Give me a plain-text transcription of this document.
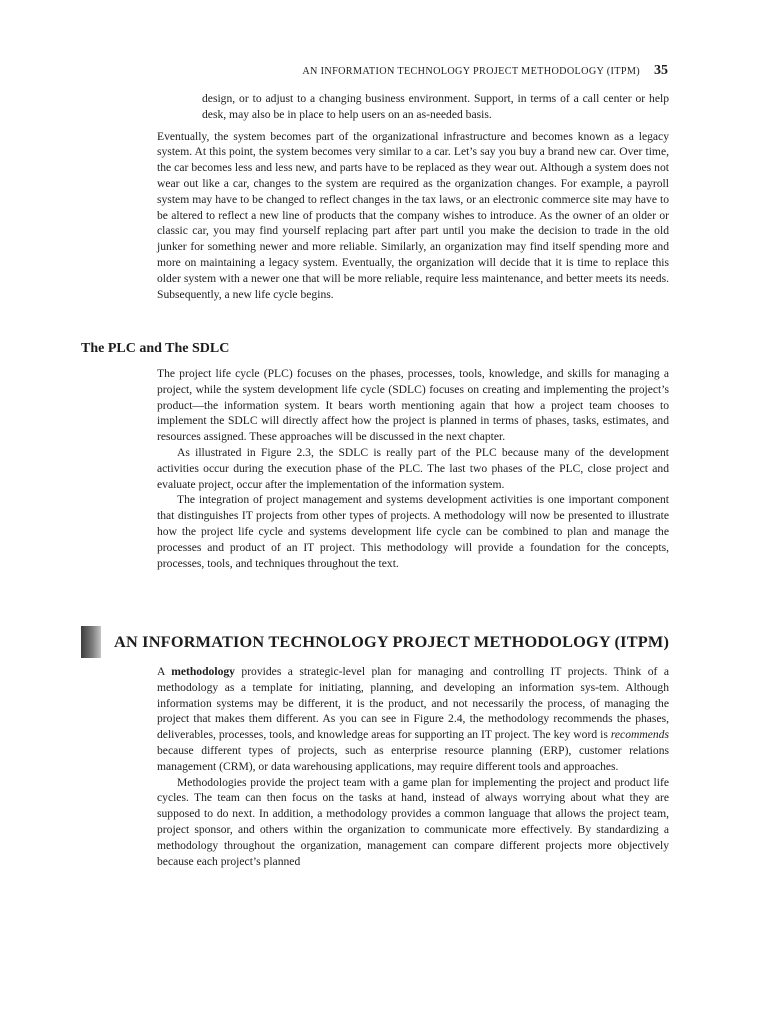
AN INFORMATION TECHNOLOGY PROJECT METHODOLOGY (ITPM) 35

design, or to adjust to a changing business environment. Support, in terms of a call center or help desk, may also be in place to help users on an as-needed basis.

Eventually, the system becomes part of the organizational infrastructure and becomes known as a legacy system. At this point, the system becomes very similar to a car. Let’s say you buy a brand new car. Over time, the car becomes less and less new, and parts have to be replaced as they wear out. Although a system does not wear out like a car, changes to the system are required as the organization changes. For example, a payroll system may have to be changed to reflect changes in the tax laws, or an electronic commerce site may have to be altered to reflect a new line of products that the company wishes to introduce. As the owner of an older or classic car, you may find yourself replacing part after part until you make the decision to trade in the old junker for something newer and more reliable. Similarly, an organization may find itself spending more and more on maintaining a legacy system. Eventually, the organization will decide that it is time to replace this older system with a newer one that will be more reliable, require less maintenance, and better meets its needs. Subsequently, a new life cycle begins.

The PLC and The SDLC

The project life cycle (PLC) focuses on the phases, processes, tools, knowledge, and skills for managing a project, while the system development life cycle (SDLC) focuses on creating and implementing the project’s product—the information system. It bears worth mentioning again that how a project team chooses to implement the SDLC will directly affect how the project is planned in terms of phases, tasks, estimates, and resources assigned. These approaches will be discussed in the next chapter.

As illustrated in Figure 2.3, the SDLC is really part of the PLC because many of the development activities occur during the execution phase of the PLC. The last two phases of the PLC, close project and evaluate project, occur after the implementation of the information system.

The integration of project management and systems development activities is one important component that distinguishes IT projects from other types of projects. A methodology will now be presented to illustrate how the project life cycle and systems development life cycle can be combined to plan and manage the processes and product of an IT project. This methodology will provide a foundation for the concepts, processes, tools, and techniques throughout the text.

AN INFORMATION TECHNOLOGY PROJECT METHODOLOGY (ITPM)

A methodology provides a strategic-level plan for managing and controlling IT projects. Think of a methodology as a template for initiating, planning, and developing an information sys-tem. Although information systems may be different, it is the product, and not necessarily the process, of managing the project that makes them different. As you can see in Figure 2.4, the methodology recommends the phases, deliverables, processes, tools, and knowledge areas for supporting an IT project. The key word is recommends because different types of projects, such as enterprise resource planning (ERP), customer relations management (CRM), or data warehousing applications, may require different tools and approaches.

Methodologies provide the project team with a game plan for implementing the project and product life cycles. The team can then focus on the tasks at hand, instead of always worrying about what they are supposed to do next. In addition, a methodology provides a common language that allows the project team, project sponsor, and others within the organization to communicate more effectively. By standardizing a methodology throughout the organization, management can compare different projects more objectively because each project’s planned
